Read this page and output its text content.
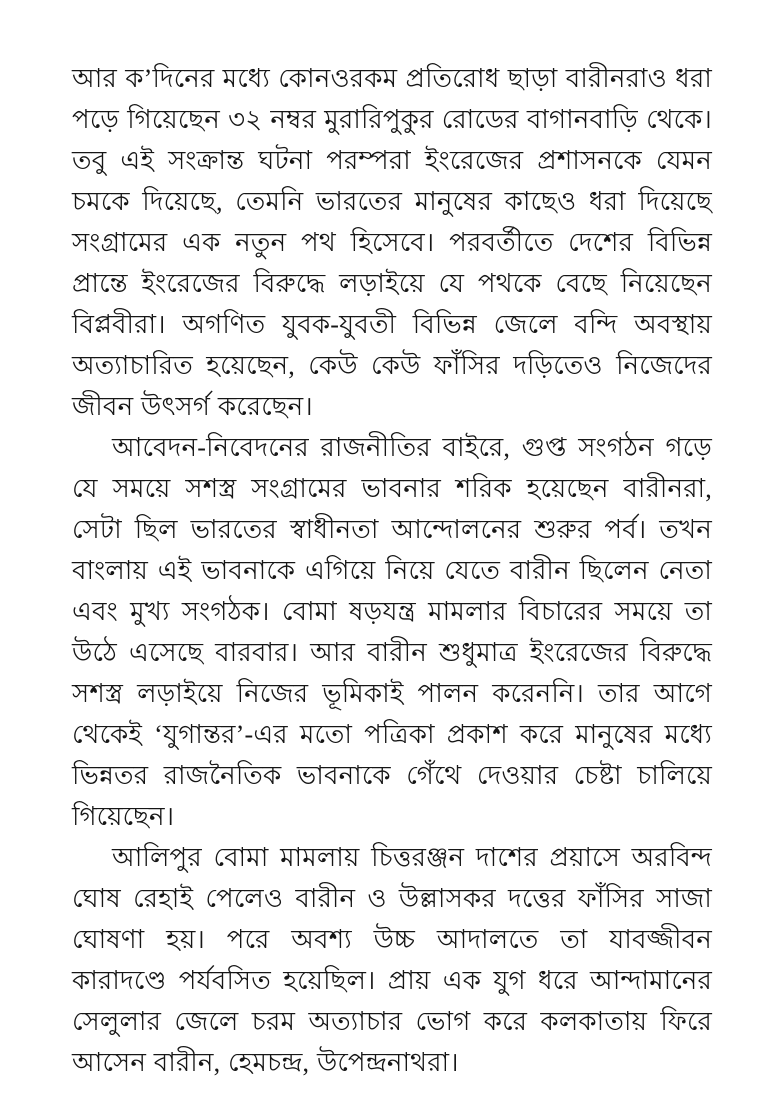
আর ক’দিনের মধ্যে কোনওরকম প্রতিরোধ ছাড়া বারীনরাও ধরা পড়ে গিয়েছেন ৩২ নম্বর মুরারিপুকুর রোডের বাগানবাড়ি থেকে। তবু এই সংক্রান্ত ঘটনা পরম্পরা ইংরেজের প্রশাসনকে যেমন চমকে দিয়েছে, তেমনি ভারতের মানুষের কাছেও ধরা দিয়েছে সংগ্রামের এক নতুন পথ হিসেবে। পরবর্তীতে দেশের বিভিন্ন প্রান্তে ইংরেজের বিরুদ্ধে লড়াইয়ে যে পথকে বেছে নিয়েছেন বিপ্লবীরা। অগণিত যুবক-যুবতী বিভিন্ন জেলে বন্দি অবস্থায় অত্যাচারিত হয়েছেন, কেউ কেউ ফাঁসির দড়িতেও নিজেদের জীবন উৎসর্গ করেছেন।

আবেদন-নিবেদনের রাজনীতির বাইরে, গুপ্ত সংগঠন গড়ে যে সময়ে সশস্ত্র সংগ্রামের ভাবনার শরিক হয়েছেন বারীনরা, সেটা ছিল ভারতের স্বাধীনতা আন্দোলনের শুরুর পর্ব। তখন বাংলায় এই ভাবনাকে এগিয়ে নিয়ে যেতে বারীন ছিলেন নেতা এবং মুখ্য সংগঠক। বোমা ষড়যন্ত্র মামলার বিচারের সময়ে তা উঠে এসেছে বারবার। আর বারীন শুধুমাত্র ইংরেজের বিরুদ্ধে সশস্ত্র লড়াইয়ে নিজের ভূমিকাই পালন করেননি। তার আগে থেকেই ‘যুগান্তর’-এর মতো পত্রিকা প্রকাশ করে মানুষের মধ্যে ভিন্নতর রাজনৈতিক ভাবনাকে গেঁথে দেওয়ার চেষ্টা চালিয়ে গিয়েছেন।

আলিপুর বোমা মামলায় চিত্তরঞ্জন দাশের প্রয়াসে অরবিন্দ ঘোষ রেহাই পেলেও বারীন ও উল্লাসকর দত্তের ফাঁসির সাজা ঘোষণা হয়। পরে অবশ্য উচ্চ আদালতে তা যাবজ্জীবন কারাদণ্ডে পর্যবসিত হয়েছিল। প্রায় এক যুগ ধরে আন্দামানের সেলুলার জেলে চরম অত্যাচার ভোগ করে কলকাতায় ফিরে আসেন বারীন, হেমচন্দ্র, উপেন্দ্রনাথরা।
